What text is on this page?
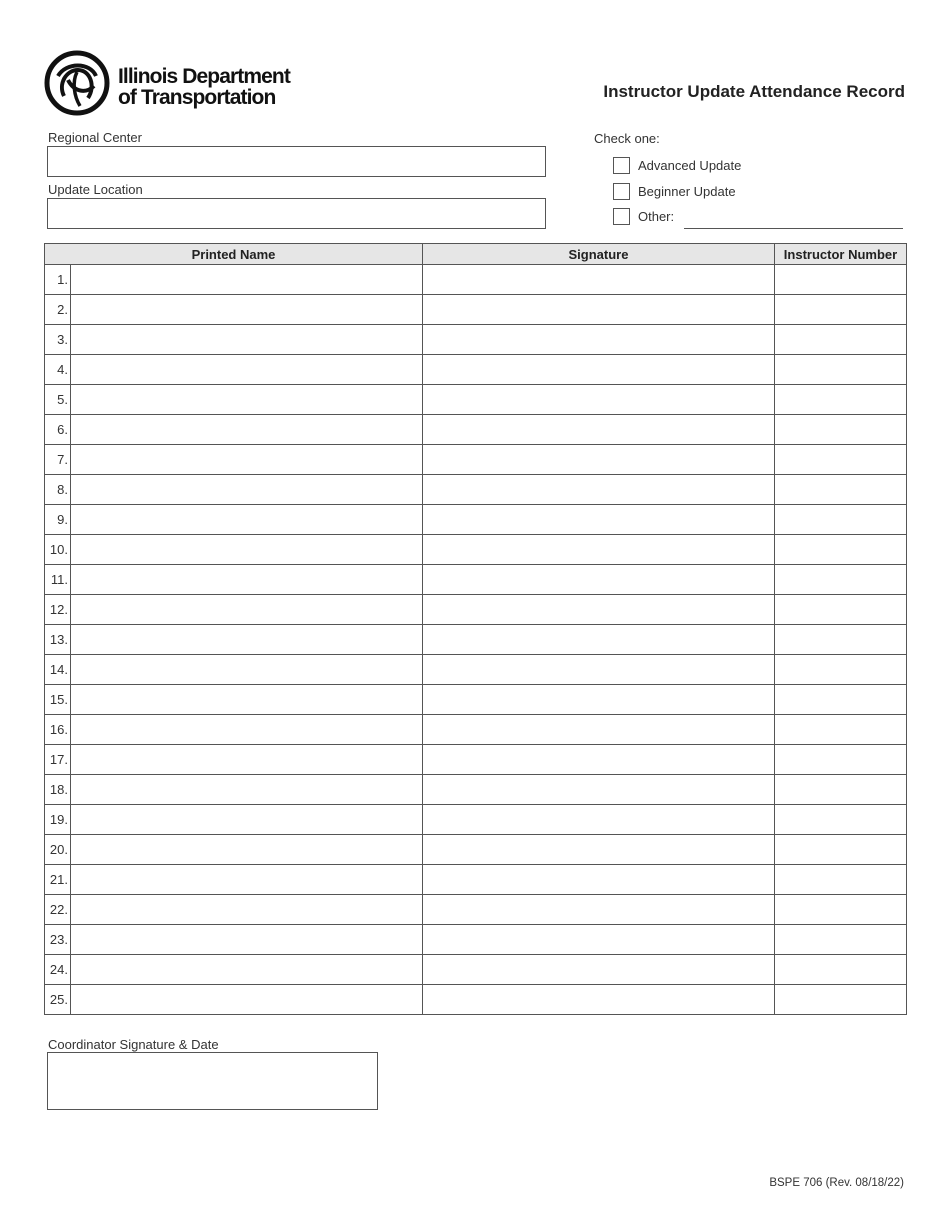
Illinois Department
of Transportation	Instructor Update Attendance Record
Regional Center
Update Location
Check one:
Advanced Update
Beginner Update
Other:
Printed Name		Signature	Instructor Number
1.			
2.			
3.			
4.			
5.			
6.			
7.			
8.			
9.			
10.			
11.			
12.			
13.			
14.			
15.			
16.			
17.			
18.			
19.			
20.			
21.			
22.			
23.			
24.			
25.			
Coordinator Signature & Date
BSPE 706 (Rev. 08/18/22)
